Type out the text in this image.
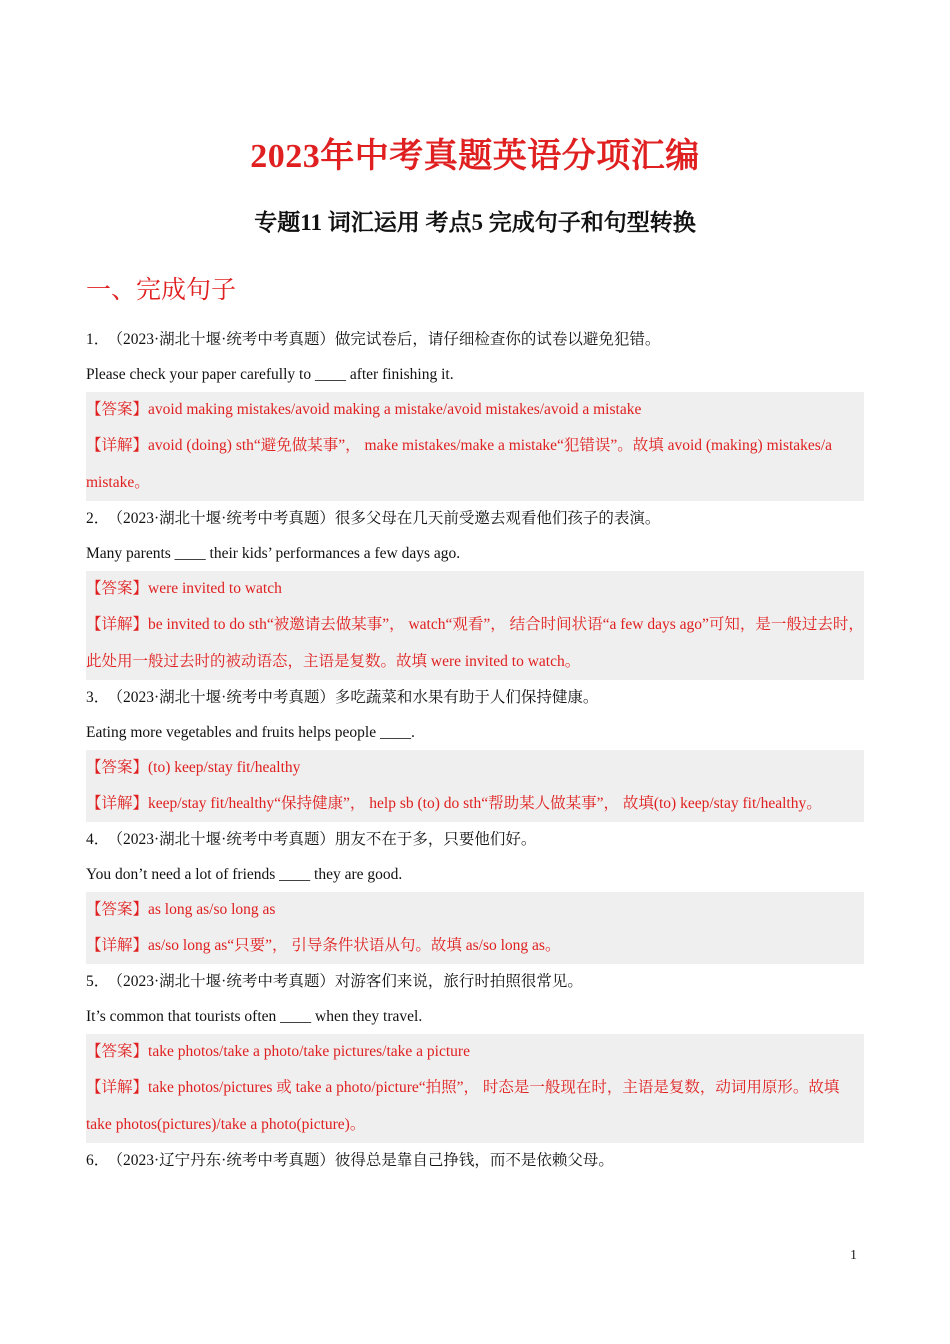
2023年中考真题英语分项汇编
专题11 词汇运用 考点5 完成句子和句型转换
一、完成句子

1． （2023·湖北十堰·统考中考真题）做完试卷后，请仔细检查你的试卷以避免犯错。

Please check your paper carefully to ____ after finishing it.

【答案】avoid making mistakes/avoid making a mistake/avoid mistakes/avoid a mistake

【详解】avoid (doing) sth“避免做某事”， make mistakes/make a mistake“犯错误”。故填 avoid (making) mistakes/a mistake。

2． （2023·湖北十堰·统考中考真题）很多父母在几天前受邀去观看他们孩子的表演。

Many parents ____ their kids’ performances a few days ago.

【答案】were invited to watch

【详解】be invited to do sth“被邀请去做某事”， watch“观看”， 结合时间状语“a few days ago”可知，是一般过去时，此处用一般过去时的被动语态，主语是复数。故填 were invited to watch。

3． （2023·湖北十堰·统考中考真题）多吃蔬菜和水果有助于人们保持健康。

Eating more vegetables and fruits helps people ____.

【答案】(to) keep/stay fit/healthy

【详解】keep/stay fit/healthy“保持健康”， help sb (to) do sth“帮助某人做某事”， 故填(to) keep/stay fit/healthy。

4． （2023·湖北十堰·统考中考真题）朋友不在于多，只要他们好。

You don’t need a lot of friends ____ they are good.

【答案】as long as/so long as

【详解】as/so long as“只要”， 引导条件状语从句。故填 as/so long as。

5． （2023·湖北十堰·统考中考真题）对游客们来说，旅行时拍照很常见。

It’s common that tourists often ____ when they travel.

【答案】take photos/take a photo/take pictures/take a picture

【详解】take photos/pictures 或 take a photo/picture“拍照”， 时态是一般现在时，主语是复数，动词用原形。故填 take photos(pictures)/take a photo(picture)。

6． （2023·辽宁丹东·统考中考真题）彼得总是靠自己挣钱，而不是依赖父母。

1
